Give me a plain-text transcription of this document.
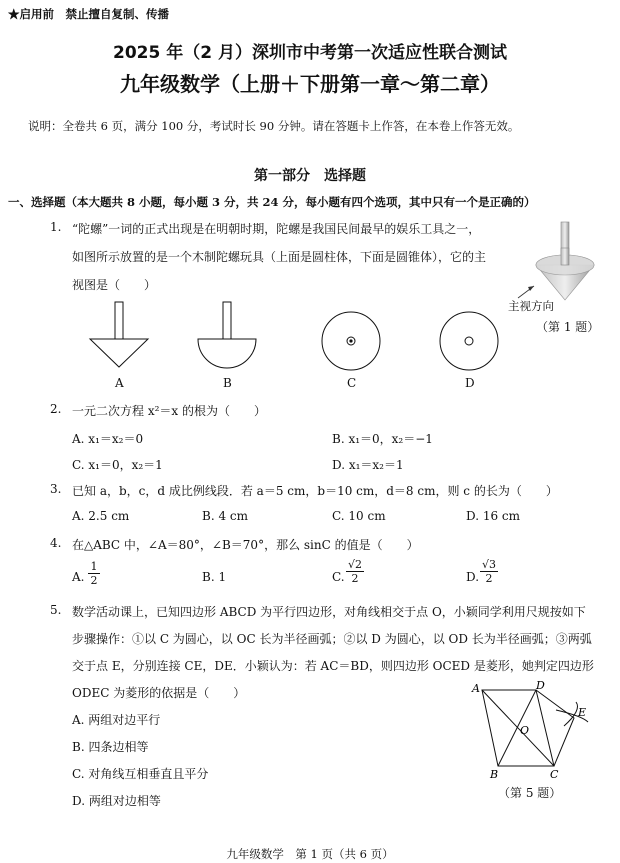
★启用前　禁止擅自复制、传播
2025 年（2 月）深圳市中考第一次适应性联合测试
九年级数学（上册＋下册第一章～第二章）
说明：全卷共 6 页，满分 100 分，考试时长 90 分钟。请在答题卡上作答，在本卷上作答无效。
第一部分　选择题
一、选择题（本大题共 8 小题，每小题 3 分，共 24 分，每小题有四个选项，其中只有一个是正确的）
1. “陀螺”一词的正式出现是在明朝时期，陀螺是我国民间最早的娱乐工具之一，
如图所示放置的是一个木制陀螺玩具（上面是圆柱体，下面是圆锥体），它的主
视图是（　　）
主视方向
（第 1 题）
A	B	C	D
2. 一元二次方程 x²＝x 的根为（　　）
A. x₁＝x₂＝0	B. x₁＝0，x₂＝−1
C. x₁＝0，x₂＝1	D. x₁＝x₂＝1
3. 已知 a，b，c，d 成比例线段．若 a＝5 cm，b＝10 cm，d＝8 cm，则 c 的长为（　　）
A. 2.5 cm	B. 4 cm	C. 10 cm	D. 16 cm
4. 在△ABC 中，∠A＝80°，∠B＝70°，那么 sinC 的值是（　　）
A. $\frac{1}{2}$	B. 1	C. $\frac{√2}{2}$	D. $\frac{√3}{2}$
5. 数学活动课上，已知四边形 ABCD 为平行四边形，对角线相交于点 O，小颖同学利用尺规按如下
步骤操作：①以 C 为圆心，以 OC 长为半径画弧；②以 D 为圆心，以 OD 长为半径画弧；③两弧
交于点 E，分别连接 CE，DE．小颖认为：若 AC＝BD，则四边形 OCED 是菱形，她判定四边形
ODEC 为菱形的依据是（　　）
A. 两组对边平行
B. 四条边相等
C. 对角线互相垂直且平分
D. 两组对边相等
A	D
E
O
B	C
（第 5 题）
九年级数学　第 1 页（共 6 页）
